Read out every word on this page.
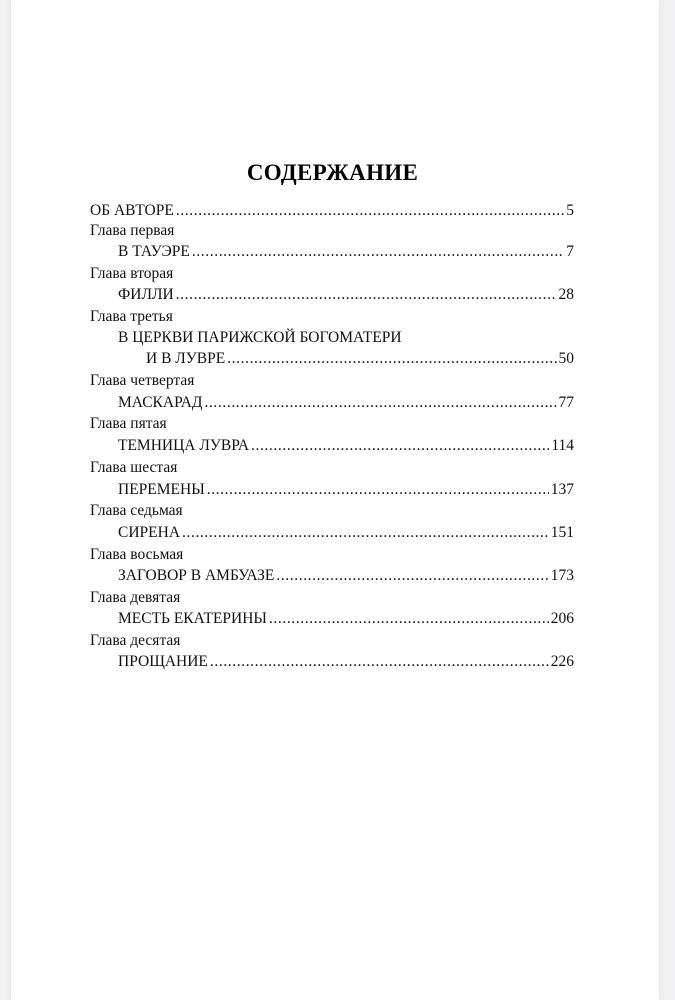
СОДЕРЖАНИЕ
ОБ АВТОРЕ .....	5
Глава первая
В ТАУЭРЕ .....	7
Глава вторая
ФИЛЛИ .....	28
Глава третья
В ЦЕРКВИ ПАРИЖСКОЙ БОГОМАТЕРИ
И В ЛУВРЕ .....	50
Глава четвертая
МАСКАРАД .....	77
Глава пятая
ТЕМНИЦА ЛУВРА .....	114
Глава шестая
ПЕРЕМЕНЫ .....	137
Глава седьмая
СИРЕНА .....	151
Глава восьмая
ЗАГОВОР В АМБУАЗЕ .....	173
Глава девятая
МЕСТЬ ЕКАТЕРИНЫ .....	206
Глава десятая
ПРОЩАНИЕ .....	226
